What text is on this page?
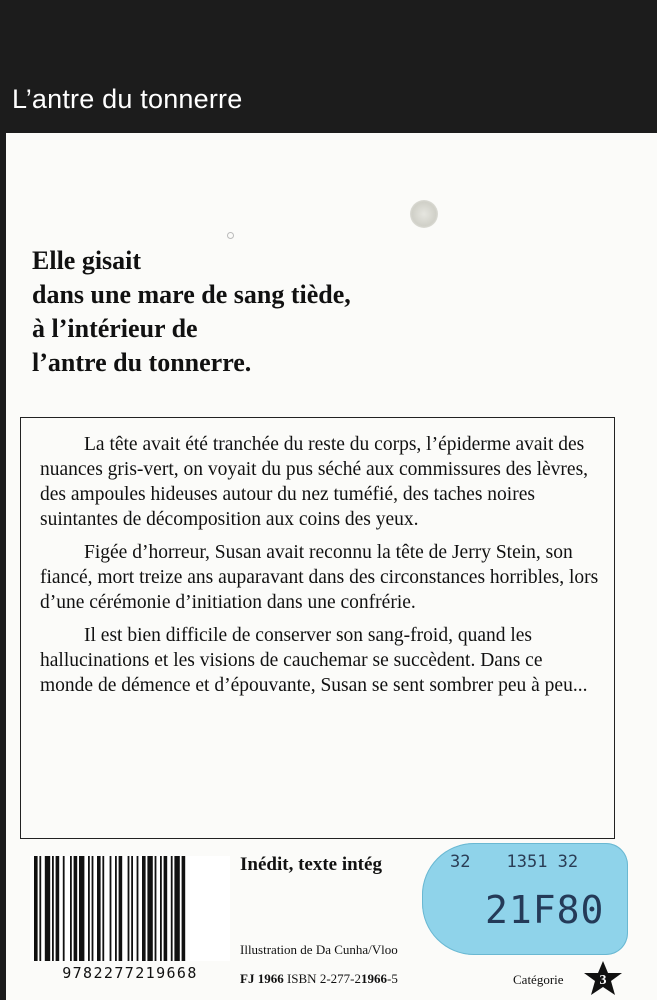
L’antre du tonnerre
Elle gisait
dans une mare de sang tiède,
à l’intérieur de
l’antre du tonnerre.

La tête avait été tranchée du reste du corps, l’épiderme avait des nuances gris-vert, on voyait du pus séché aux commissures des lèvres, des ampoules hideuses autour du nez tuméfié, des taches noires suintantes de décomposition aux coins des yeux.

Figée d’horreur, Susan avait reconnu la tête de Jerry Stein, son fiancé, mort treize ans auparavant dans des circonstances horribles, lors d’une cérémonie d’initiation dans une confrérie.

Il est bien difficile de conserver son sang-froid, quand les hallucinations et les visions de cauchemar se succèdent. Dans ce monde de démence et d’épouvante, Susan se sent sombrer peu à peu...

9782277219668
Inédit, texte intég
Illustration de Da Cunha/Vloo
FJ 1966 ISBN 2-277-21966-5	Catégorie	3
32 1351 32
21F80
